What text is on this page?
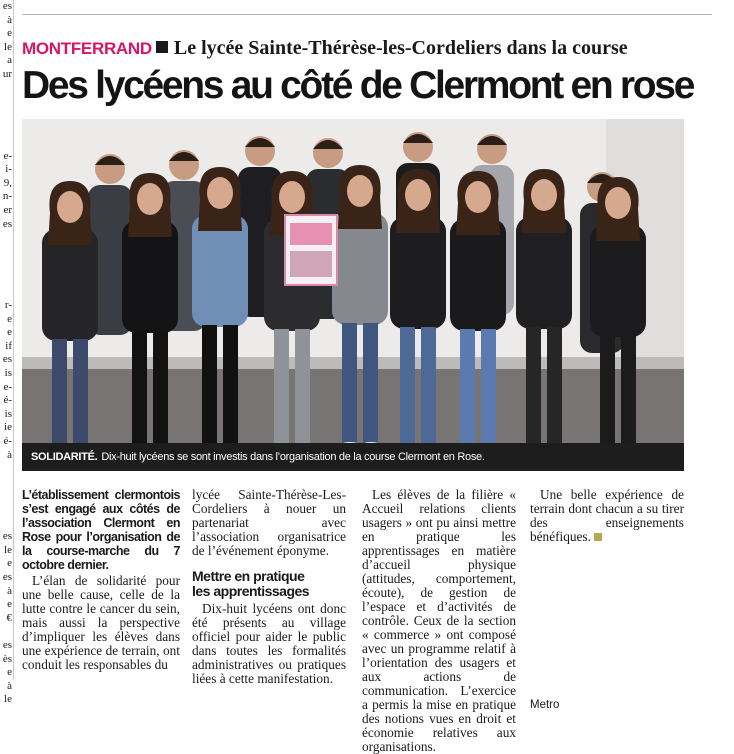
es
à
e
le
a
ur
e-
i-
9,
n-
er
es
r-
e
e
if
es
is
e-
é-
is
ie
é-
à
es
le
e
es
à
e
€
es
ès
e
à
le
MONTFERRAND Le lycée Sainte-Thérèse-les-Cordeliers dans la course
Des lycéens au côté de Clermont en rose
SOLIDARITÉ. Dix-huit lycéens se sont investis dans l’organisation de la course Clermont en Rose.
L’établissement clermontois s’est engagé aux côtés de l’association Clermont en Rose pour l’organisation de la course-marche du 7 octobre dernier.

L’élan de solidarité pour une belle cause, celle de la lutte contre le cancer du sein, mais aussi la perspective d’impliquer les élèves dans une expérience de terrain, ont conduit les responsables du

lycée Sainte-Thérèse-Les-Cordeliers à nouer un partenariat avec l’association organisatrice de l’événement éponyme.
Mettre en pratique
les apprentissages

Dix-huit lycéens ont donc été présents au village officiel pour aider le public dans toutes les formalités administratives ou pratiques liées à cette manifestation.

Les élèves de la filière « Accueil relations clients usagers » ont pu ainsi mettre en pratique les apprentissages en matière d’accueil physique (attitudes, comportement, écoute), de gestion de l’espace et d’activités de contrôle. Ceux de la section « commerce » ont composé avec un programme relatif à l’orientation des usagers et aux actions de communication. L’exercice a permis la mise en pratique des notions vues en droit et économie relatives aux organisations.

Une belle expérience de terrain dont chacun a su tirer des enseignements bénéfiques.

Metro
